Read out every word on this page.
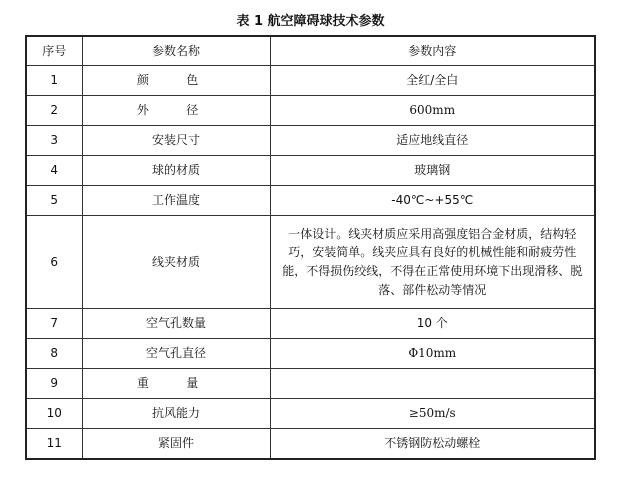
表 1 航空障碍球技术参数
序号	参数名称	参数内容
1	颜 色	全红/全白
2	外 径	600mm
3	安装尺寸	适应地线直径
4	球的材质	玻璃钢
5	工作温度	-40℃~+55℃
6	线夹材质	一体设计。线夹材质应采用高强度铝合金材质，结构轻巧，安装简单。线夹应具有良好的机械性能和耐疲劳性能，不得损伤绞线，不得在正常使用环境下出现滑移、脱落、部件松动等情况
7	空气孔数量	10 个
8	空气孔直径	Φ10mm
9	重 量	
10	抗风能力	≥50m/s
11	紧固件	不锈钢防松动螺栓
